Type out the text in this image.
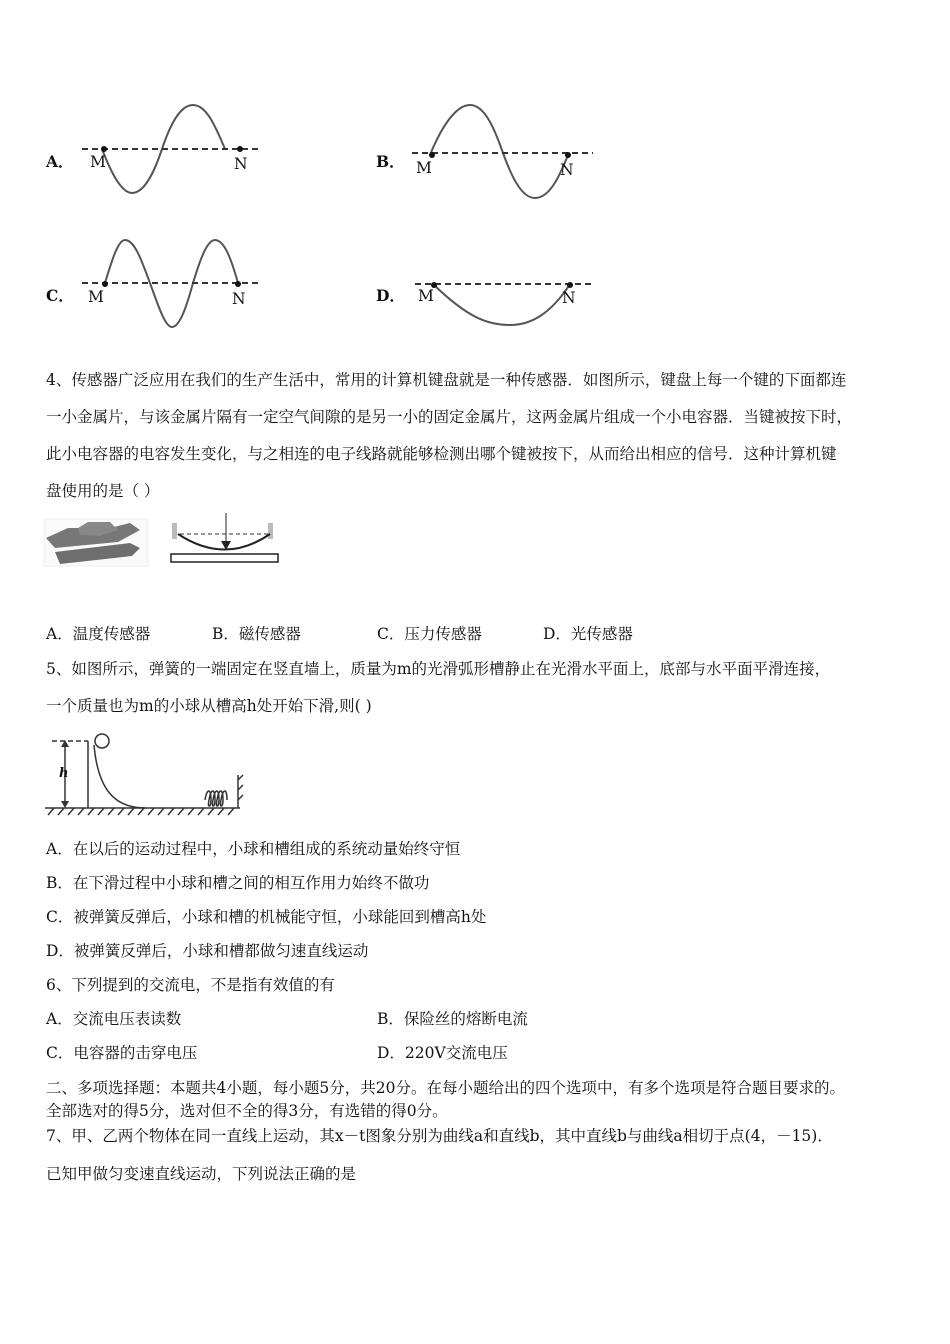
A．	B．
C．	D．
M	N	M	N
M	N	M	N
4、传感器广泛应用在我们的生产生活中，常用的计算机键盘就是一种传感器．如图所示，键盘上每一个键的下面都连
一小金属片，与该金属片隔有一定空气间隙的是另一小的固定金属片，这两金属片组成一个小电容器．当键被按下时，
此小电容器的电容发生变化，与之相连的电子线路就能够检测出哪个键被按下，从而给出相应的信号．这种计算机键
盘使用的是（ ）
A．温度传感器	B．磁传感器	C．压力传感器	D．光传感器
5、如图所示，弹簧的一端固定在竖直墙上，质量为m的光滑弧形槽静止在光滑水平面上，底部与水平面平滑连接，
一个质量也为m的小球从槽高h处开始下滑,则( )
h
A．在以后的运动过程中，小球和槽组成的系统动量始终守恒
B．在下滑过程中小球和槽之间的相互作用力始终不做功
C．被弹簧反弹后，小球和槽的机械能守恒，小球能回到槽高h处
D．被弹簧反弹后，小球和槽都做匀速直线运动
6、下列提到的交流电，不是指有效值的有
A．交流电压表读数	B．保险丝的熔断电流
C．电容器的击穿电压	D．220V交流电压
二、多项选择题：本题共4小题，每小题5分，共20分。在每小题给出的四个选项中，有多个选项是符合题目要求的。
全部选对的得5分，选对但不全的得3分，有选错的得0分。
7、甲、乙两个物体在同一直线上运动，其x－t图象分别为曲线a和直线b，其中直线b与曲线a相切于点(4，－15)．
已知甲做匀变速直线运动，下列说法正确的是
